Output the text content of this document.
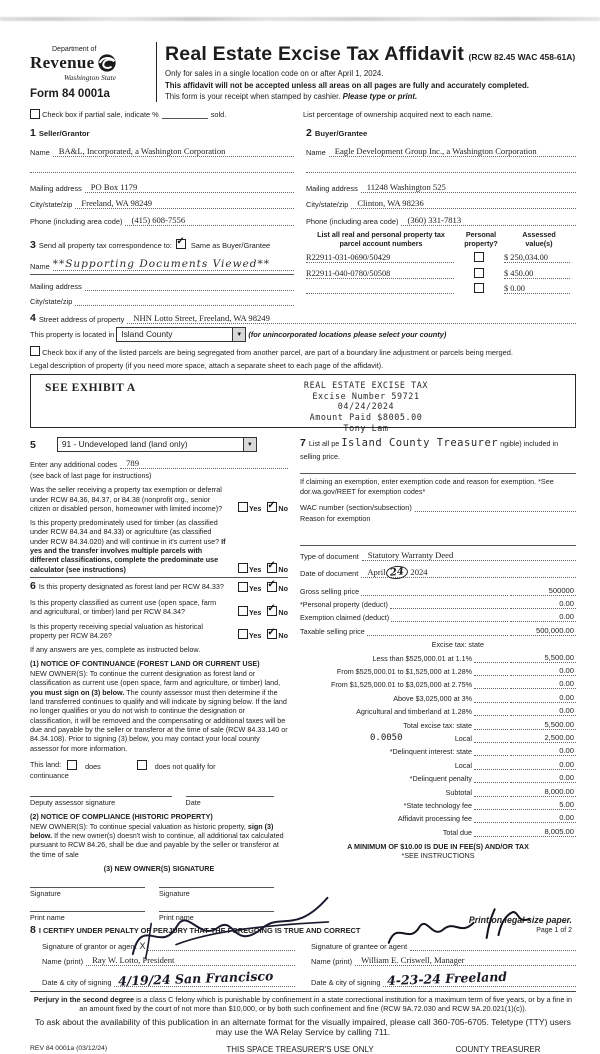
Department of
Revenue
Washington State
Form 84 0001a
Real Estate Excise Tax Affidavit (RCW 82.45 WAC 458-61A)
Only for sales in a single location code on or after April 1, 2024.
This affidavit will not be accepted unless all areas on all pages are fully and accurately completed.
This form is your receipt when stamped by cashier. Please type or print.

Check box if partial sale, indicate %	sold.	List percentage of ownership acquired next to each name.
1 Seller/Grantor
Name	BA&L, Incorporated, a Washington Corporation
Mailing address	PO Box 1179
City/state/zip	Freeland, WA 98249
Phone (including area code)	(415) 608-7556
3 Send all property tax correspondence to: ✓	Same as Buyer/Grantee
Name **Supporting Documents Viewed**
Mailing address
City/state/zip
2 Buyer/Grantee
Name	Eagle Development Group Inc., a Washington Corporation
Mailing address	11248 Washington 525
City/state/zip	Clinton, WA 98236
Phone (including area code)	(360) 331-7813
List all real and personal property tax parcel account numbers
Personal
property?
Assessed
value(s)
R22911-031-0690/50429	$ 250,034.00
R22911-040-0780/50508	$ 450.00
$ 0.00
4 Street address of property	NHN Lotto Street, Freeland, WA 98249
This property is located in
Island County ▼
	(for unincorporated locations please select your county)
Check box if any of the listed parcels are being segregated from another parcel, are part of a boundary line adjustment or parcels being merged.
Legal description of property (if you need more space, attach a separate sheet to each page of the affidavit).
SEE EXHIBIT A	REAL ESTATE EXCISE TAX
Excise Number 59721
04/24/2024
Amount Paid $8005.00
Tony Lam
5	91 - Undeveloped land (land only)
▼
Enter any additional codes	789
(see back of last page for instructions)
Was the seller receiving a property tax exemption or deferral under RCW 84.36, 84.37, or 84.38 (nonprofit org., senior citizen or disabled person, homeowner with limited income)?	Yes ✓ No
Is this property predominately used for timber (as classified under RCW 84.34 and 84.33) or agriculture (as classified under RCW 84.34.020) and will continue in it's current use? If yes and the transfer involves multiple parcels with different classifications, complete the predominate use calculator (see instructions)	Yes ✓ No
6 Is this property designated as forest land per RCW 84.33?	Yes ✓ No
Is this property classified as current use (open space, farm and agricultural, or timber) land per RCW 84.34?	Yes ✓ No
Is this property receiving special valuation as historical property per RCW 84.26?	Yes ✓ No
If any answers are yes, complete as instructed below.
(1) NOTICE OF CONTINUANCE (FOREST LAND OR CURRENT USE)
NEW OWNER(S): To continue the current designation as forest land or classification as current use (open space, farm and agriculture, or timber) land, you must sign on (3) below. The county assessor must then determine if the land transferred continues to qualify and will indicate by signing below. If the land no longer qualifies or you do not wish to continue the designation or classification, it will be removed and the compensating or additional taxes will be due and payable by the seller or transferor at the time of sale (RCW 84.33.140 or 84.34.108). Prior to signing (3) below, you may contact your local county assessor for more information.
This land:	does	does not qualify for
continuance
Deputy assessor signature	Date
(2) NOTICE OF COMPLIANCE (HISTORIC PROPERTY)
NEW OWNER(S): To continue special valuation as historic property, sign (3) below. If the new owner(s) doesn't wish to continue, all additional tax calculated pursuant to RCW 84.26, shall be due and payable by the seller or transferor at the time of sale
(3) NEW OWNER(S) SIGNATURE
Signature	Signature
Print name	Print name
7 List all pe Island County Treasurer ngible) included in selling price.
If claiming an exemption, enter exemption code and reason for exemption. *See dor.wa.gov/REET for exemption codes*
WAC number (section/subsection)
Reason for exemption
Type of document	Statutory Warranty Deed
Date of document	April 24 2024
Gross selling price	500000
*Personal property (deduct)	0.00
Exemption claimed (deduct)	0.00
Taxable selling price	500,000.00
Excise tax: state
Less than $525,000.01 at 1.1%	5,500.00
From $525,000.01 to $1,525,000 at 1.28%	0.00
From $1,525,000.01 to $3,025,000 at 2.75%	0.00
Above $3,025,000 at 3%	0.00
Agricultural and timberland at 1.28%	0.00
Total excise tax: state	5,500.00
0.0050	Local	2,500.00
*Delinquent interest: state	0.00
Local	0.00
*Delinquent penalty	0.00
Subtotal	8,000.00
*State technology fee	5.00
Affidavit processing fee	0.00
Total due	8,005.00
A MINIMUM OF $10.00 IS DUE IN FEE(S) AND/OR TAX
*SEE INSTRUCTIONS
8 I CERTIFY UNDER PENALTY OF PERJURY THAT THE FOREGOING IS TRUE AND CORRECT
Signature of grantor or agent X
Name (print)	Ray W. Lotto, President
Date & city of signing 4/19/24 San Francisco
Signature of grantee or agent
Name (print)	William E. Criswell, Manager
Date & city of signing 4-23-24 Freeland
Perjury in the second degree is a class C felony which is punishable by confinement in a state correctional institution for a maximum term of five years, or by a fine in an amount fixed by the court of not more than $10,000, or by both such confinement and fine (RCW 9A.72.030 and RCW 9A.20.021(1)(c)).
To ask about the availability of this publication in an alternate format for the visually impaired, please call 360-705-6705. Teletype (TTY) users may use the WA Relay Service by calling 711.
REV 84 0001a (03/12/24)	THIS SPACE TREASURER'S USE ONLY	COUNTY TREASURER
Print on legal size paper.
Page 1 of 2
